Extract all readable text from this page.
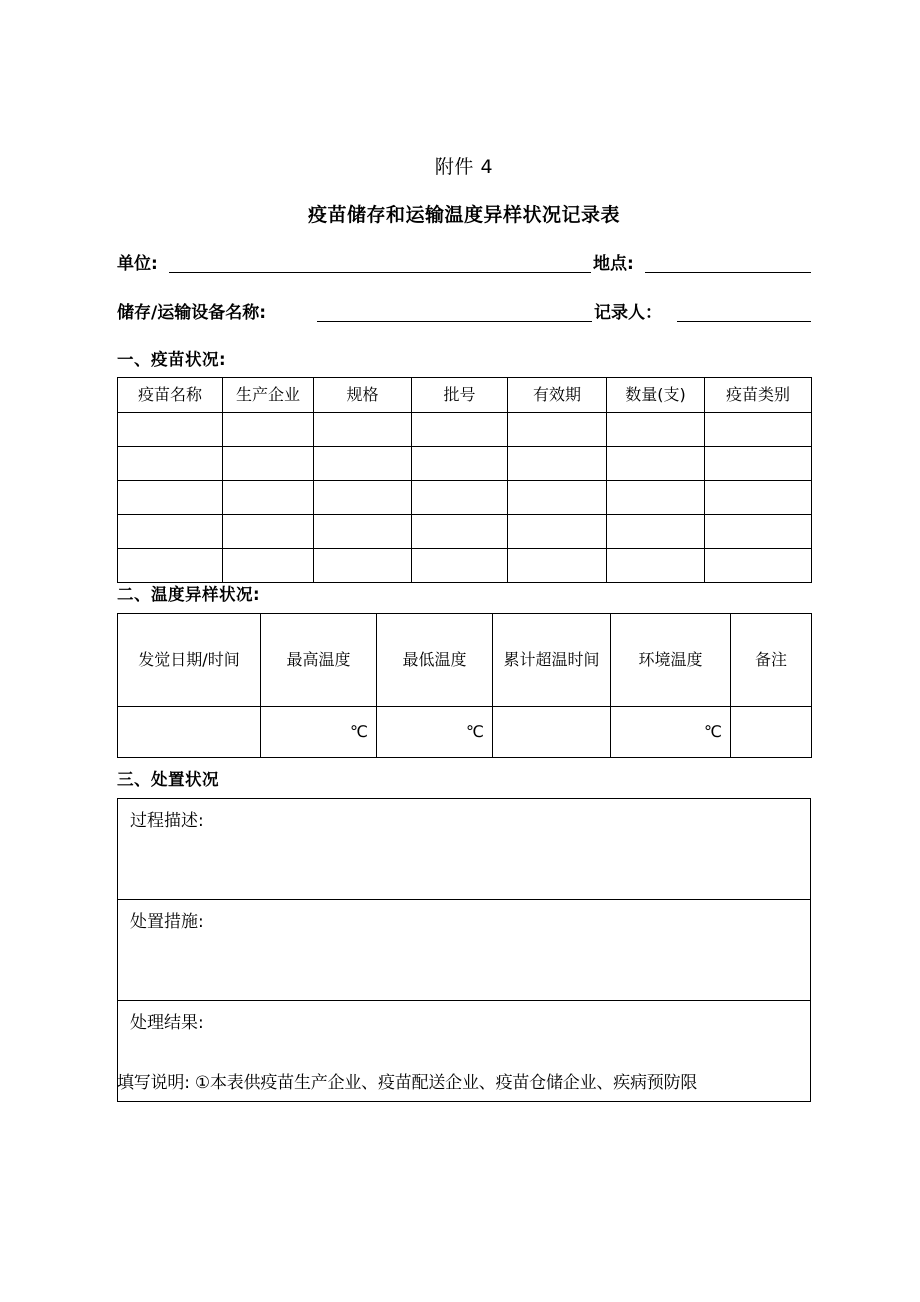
附件 4
疫苗储存和运输温度异样状况记录表
单位:	地点:
储存/运输设备名称:	记录人：
一、疫苗状况:
疫苗名称	生产企业	规格	批号	有效期	数量(支)	疫苗类别

二、温度异样状况:
发觉日期/时间	最高温度	最低温度	累计超温时间	环境温度	备注
	℃	℃		℃	
三、处置状况
过程描述:
处置措施:
处理结果:
填写说明: ①本表供疫苗生产企业、疫苗配送企业、疫苗仓储企业、疾病预防限
